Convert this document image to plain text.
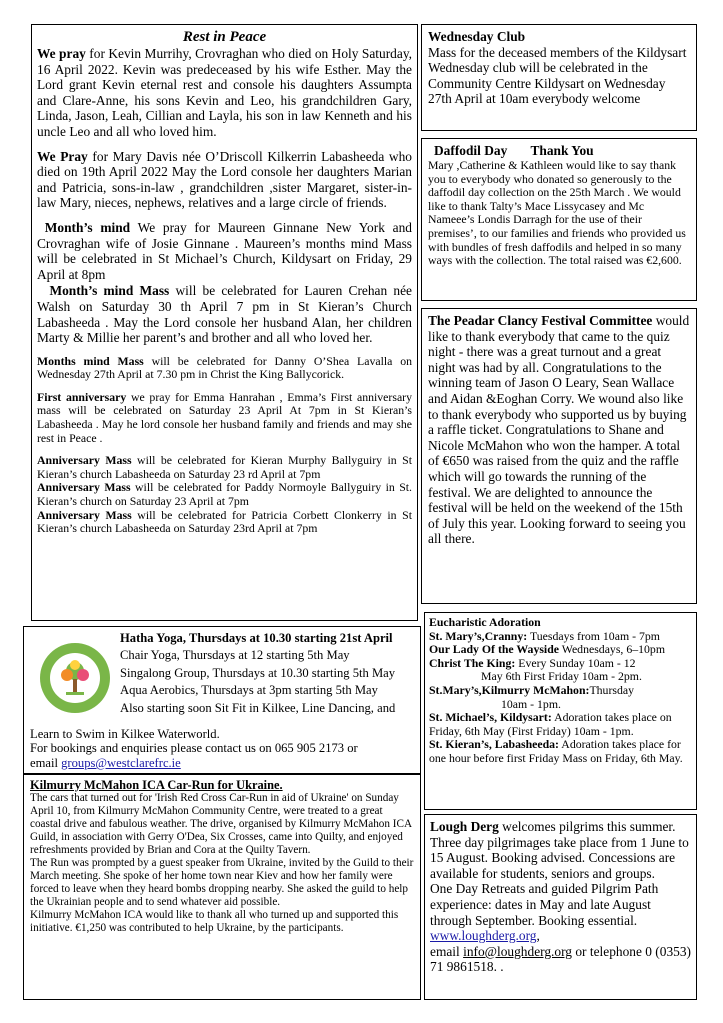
Rest in Peace

We pray for Kevin Murrihy, Crovraghan who died on Holy Saturday, 16 April 2022. Kevin was predeceased by his wife Esther. May the Lord grant Kevin eternal rest and console his daughters Assumpta and Clare-Anne, his sons Kevin and Leo, his grandchildren Gary, Linda, Jason, Leah, Cillian and Layla, his son in law Kenneth and his uncle Leo and all who loved him.

We Pray for Mary Davis née O’Driscoll Kilkerrin Labasheeda who died on 19th April 2022 May the Lord console her daughters Marian and Patricia, sons-in-law , grandchildren ,sister Margaret, sister-in-law Mary, nieces, nephews, relatives and a large circle of friends.

Month’s mind We pray for Maureen Ginnane New York and Crovraghan wife of Josie Ginnane . Maureen’s months mind Mass will be celebrated in St Michael’s Church, Kildysart on Friday, 29 April at 8pm

Month’s mind Mass will be celebrated for Lauren Crehan née Walsh on Saturday 30 th April 7 pm in St Kieran’s Church Labasheeda . May the Lord console her husband Alan, her children Marty & Millie her parent’s and brother and all who loved her.

Months mind Mass will be celebrated for Danny O’Shea Lavalla on Wednesday 27th April at 7.30 pm in Christ the King Ballycorick.

First anniversary we pray for Emma Hanrahan , Emma’s First anniversary mass will be celebrated on Saturday 23 April At 7pm in St Kieran’s Labasheeda . May he lord console her husband family and friends and may she rest in Peace .

Anniversary Mass will be celebrated for Kieran Murphy Ballyguiry in St Kieran’s church Labasheeda on Saturday 23 rd April at 7pm

Anniversary Mass will be celebrated for Paddy Normoyle Ballyguiry in St. Kieran’s church on Saturday 23 April at 7pm

Anniversary Mass will be celebrated for Patricia Corbett Clonkerry in St Kieran’s church Labasheeda on Saturday 23rd April at 7pm

Wednesday Club

Mass for the deceased members of the Kildysart Wednesday club will be celebrated in the Community Centre Kildysart on Wednesday 27th April at 10am everybody welcome

Daffodil Day       Thank You

Mary ,Catherine & Kathleen would like to say thank you to everybody who donated so generously to the daffodil day collection on the 25th March . We would like to thank Talty’s Mace Lissycasey and Mc Nameee’s Londis Darragh for the use of their premises’, to our families and friends who provided us with bundles of fresh daffodils and helped in so many ways with the collection. The total raised was €2,600.

The Peadar Clancy Festival Committee would like to thank everybody that came to the quiz night - there was a great turnout and a great night was had by all. Congratulations to the winning team of Jason O Leary, Sean Wallace and Aidan &Eoghan Corry. We wound also like to thank everybody who supported us by buying a raffle ticket. Congratulations to Shane and Nicole McMahon who won the hamper. A total of €650 was raised from the quiz and the raffle which will go towards the running of the festival. We are delighted to announce the festival will be held on the weekend of the 15th of July this year. Looking forward to seeing you all there.

Hatha Yoga, Thursdays at 10.30 starting 21st April

Chair Yoga, Thursdays at 12 starting 5th May

Singalong Group, Thursdays at 10.30 starting 5th May

Aqua Aerobics, Thursdays at 3pm starting 5th May

Also starting soon Sit Fit in Kilkee, Line Dancing, and

Learn to Swim in Kilkee Waterworld.

For bookings and enquiries please contact us on 065 905 2173 or

email groups@westclarefrc.ie

Kilmurry McMahon ICA Car-Run for Ukraine.

The cars that turned out for 'Irish Red Cross Car-Run in aid of Ukraine' on Sunday April 10, from Kilmurry McMahon Community Centre, were treated to a great coastal drive and fabulous weather. The drive, organised by Kilmurry McMahon ICA Guild, in association with Gerry O'Dea, Six Crosses, came into Quilty, and enjoyed refreshments provided by Brian and Cora at the Quilty Tavern.

The Run was prompted by a guest speaker from Ukraine, invited by the Guild to their March meeting. She spoke of her home town near Kiev and how her family were forced to leave when they heard bombs dropping nearby. She asked the guild to help the Ukrainian people and to send whatever aid possible.

Kilmurry McMahon ICA would like to thank all who turned up and supported this initiative. €1,250 was contributed to help Ukraine, by the participants.

Eucharistic Adoration

St. Mary’s,Cranny: Tuesdays from 10am - 7pm

Our Lady Of the Wayside Wednesdays, 6–10pm

Christ The King: Every Sunday 10am - 12

May 6th First Friday 10am - 2pm.

St.Mary’s,Kilmurry McMahon:Thursday

10am - 1pm.

St. Michael’s, Kildysart: Adoration takes place on Friday, 6th May (First Friday) 10am - 1pm.

St. Kieran’s, Labasheeda: Adoration takes place for one hour before first Friday Mass on Friday, 6th May.

Lough Derg welcomes pilgrims this summer. Three day pilgrimages take place from 1 June to 15 August. Booking advised. Concessions are available for students, seniors and groups.

One Day Retreats and guided Pilgrim Path experience: dates in May and late August through September. Booking essential. www.loughderg.org,

email info@loughderg.org or telephone 0 (0353) 71 9861518. .
